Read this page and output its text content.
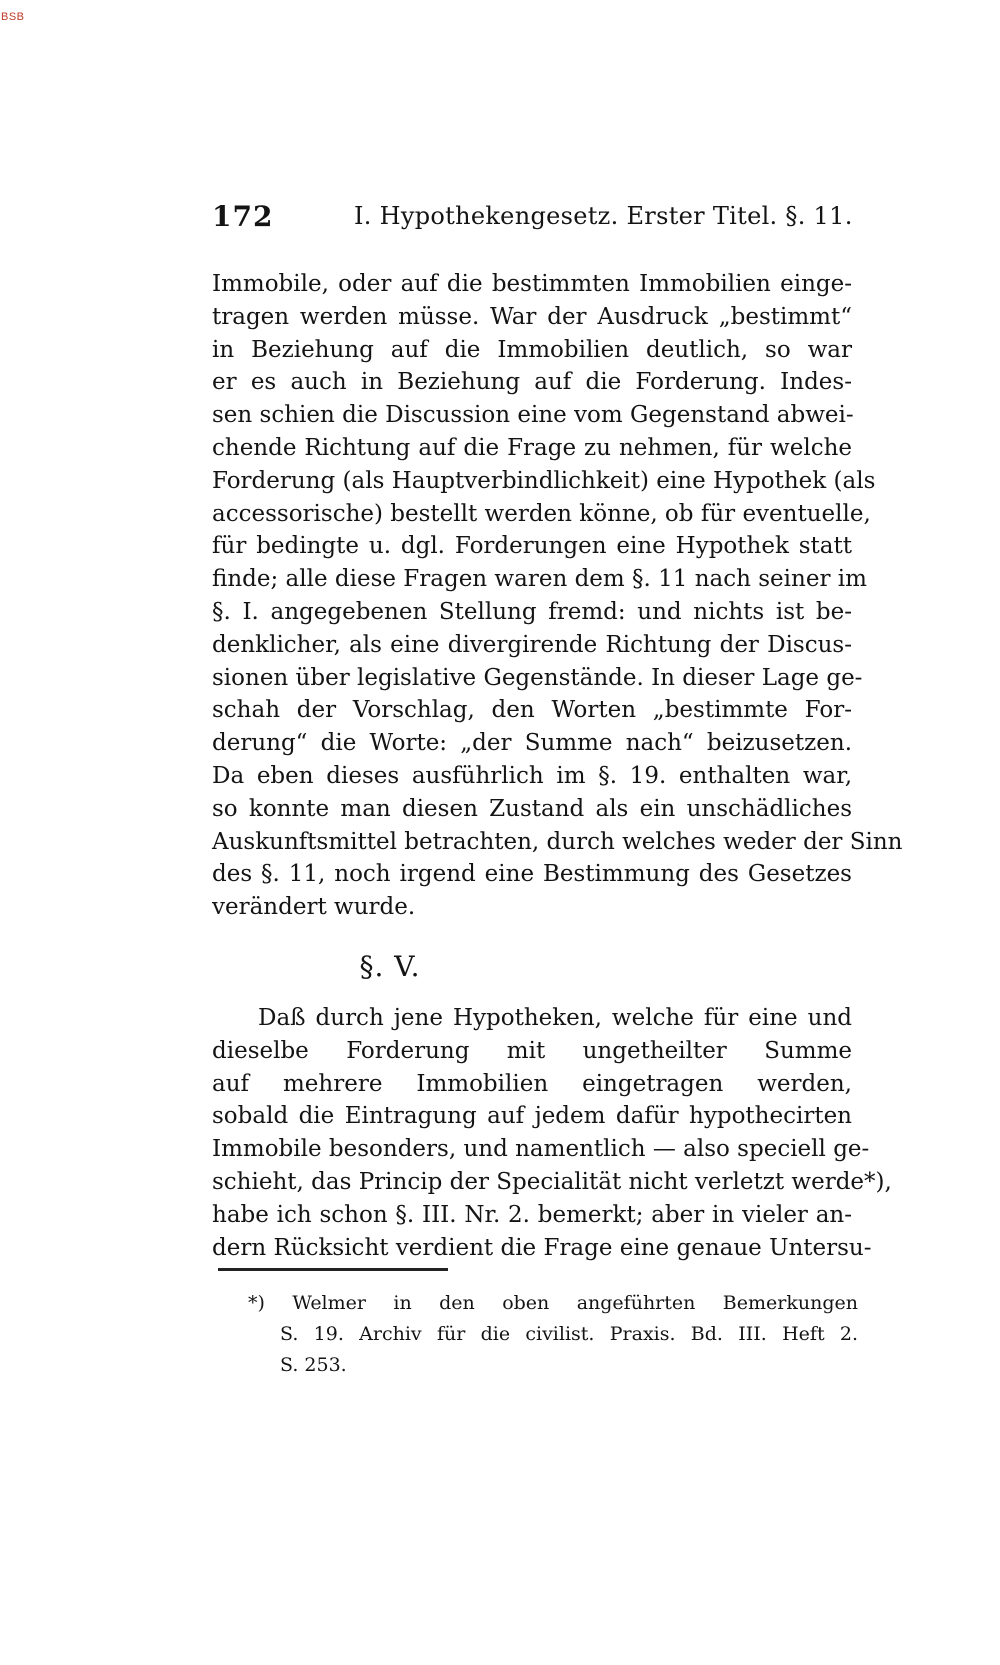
BSB
172	I. Hypothekengesetz. Erster Titel. §. 11.
Immobile, oder auf die bestimmten Immobilien einge-
tragen werden müsse. War der Ausdruck „bestimmt“
in Beziehung auf die Immobilien deutlich, so war
er es auch in Beziehung auf die Forderung. Indes-
sen schien die Discussion eine vom Gegenstand abwei-
chende Richtung auf die Frage zu nehmen, für welche
Forderung (als Hauptverbindlichkeit) eine Hypothek (als
accessorische) bestellt werden könne, ob für eventuelle,
für bedingte u. dgl. Forderungen eine Hypothek statt
finde; alle diese Fragen waren dem §. 11 nach seiner im
§. I. angegebenen Stellung fremd: und nichts ist be-
denklicher, als eine divergirende Richtung der Discus-
sionen über legislative Gegenstände. In dieser Lage ge-
schah der Vorschlag, den Worten „bestimmte For-
derung“ die Worte: „der Summe nach“ beizusetzen.
Da eben dieses ausführlich im §. 19. enthalten war,
so konnte man diesen Zustand als ein unschädliches
Auskunftsmittel betrachten, durch welches weder der Sinn
des §. 11, noch irgend eine Bestimmung des Gesetzes
verändert wurde.
§. V.
Daß durch jene Hypotheken, welche für eine und
dieselbe Forderung mit ungetheilter Summe
auf mehrere Immobilien eingetragen werden,
sobald die Eintragung auf jedem dafür hypothecirten
Immobile besonders, und namentlich — also speciell ge-
schieht, das Princip der Specialität nicht verletzt werde*),
habe ich schon §. III. Nr. 2. bemerkt; aber in vieler an-
dern Rücksicht verdient die Frage eine genaue Untersu-
*) Welmer in den oben angeführten Bemerkungen
S. 19. Archiv für die civilist. Praxis. Bd. III. Heft 2.
S. 253.
